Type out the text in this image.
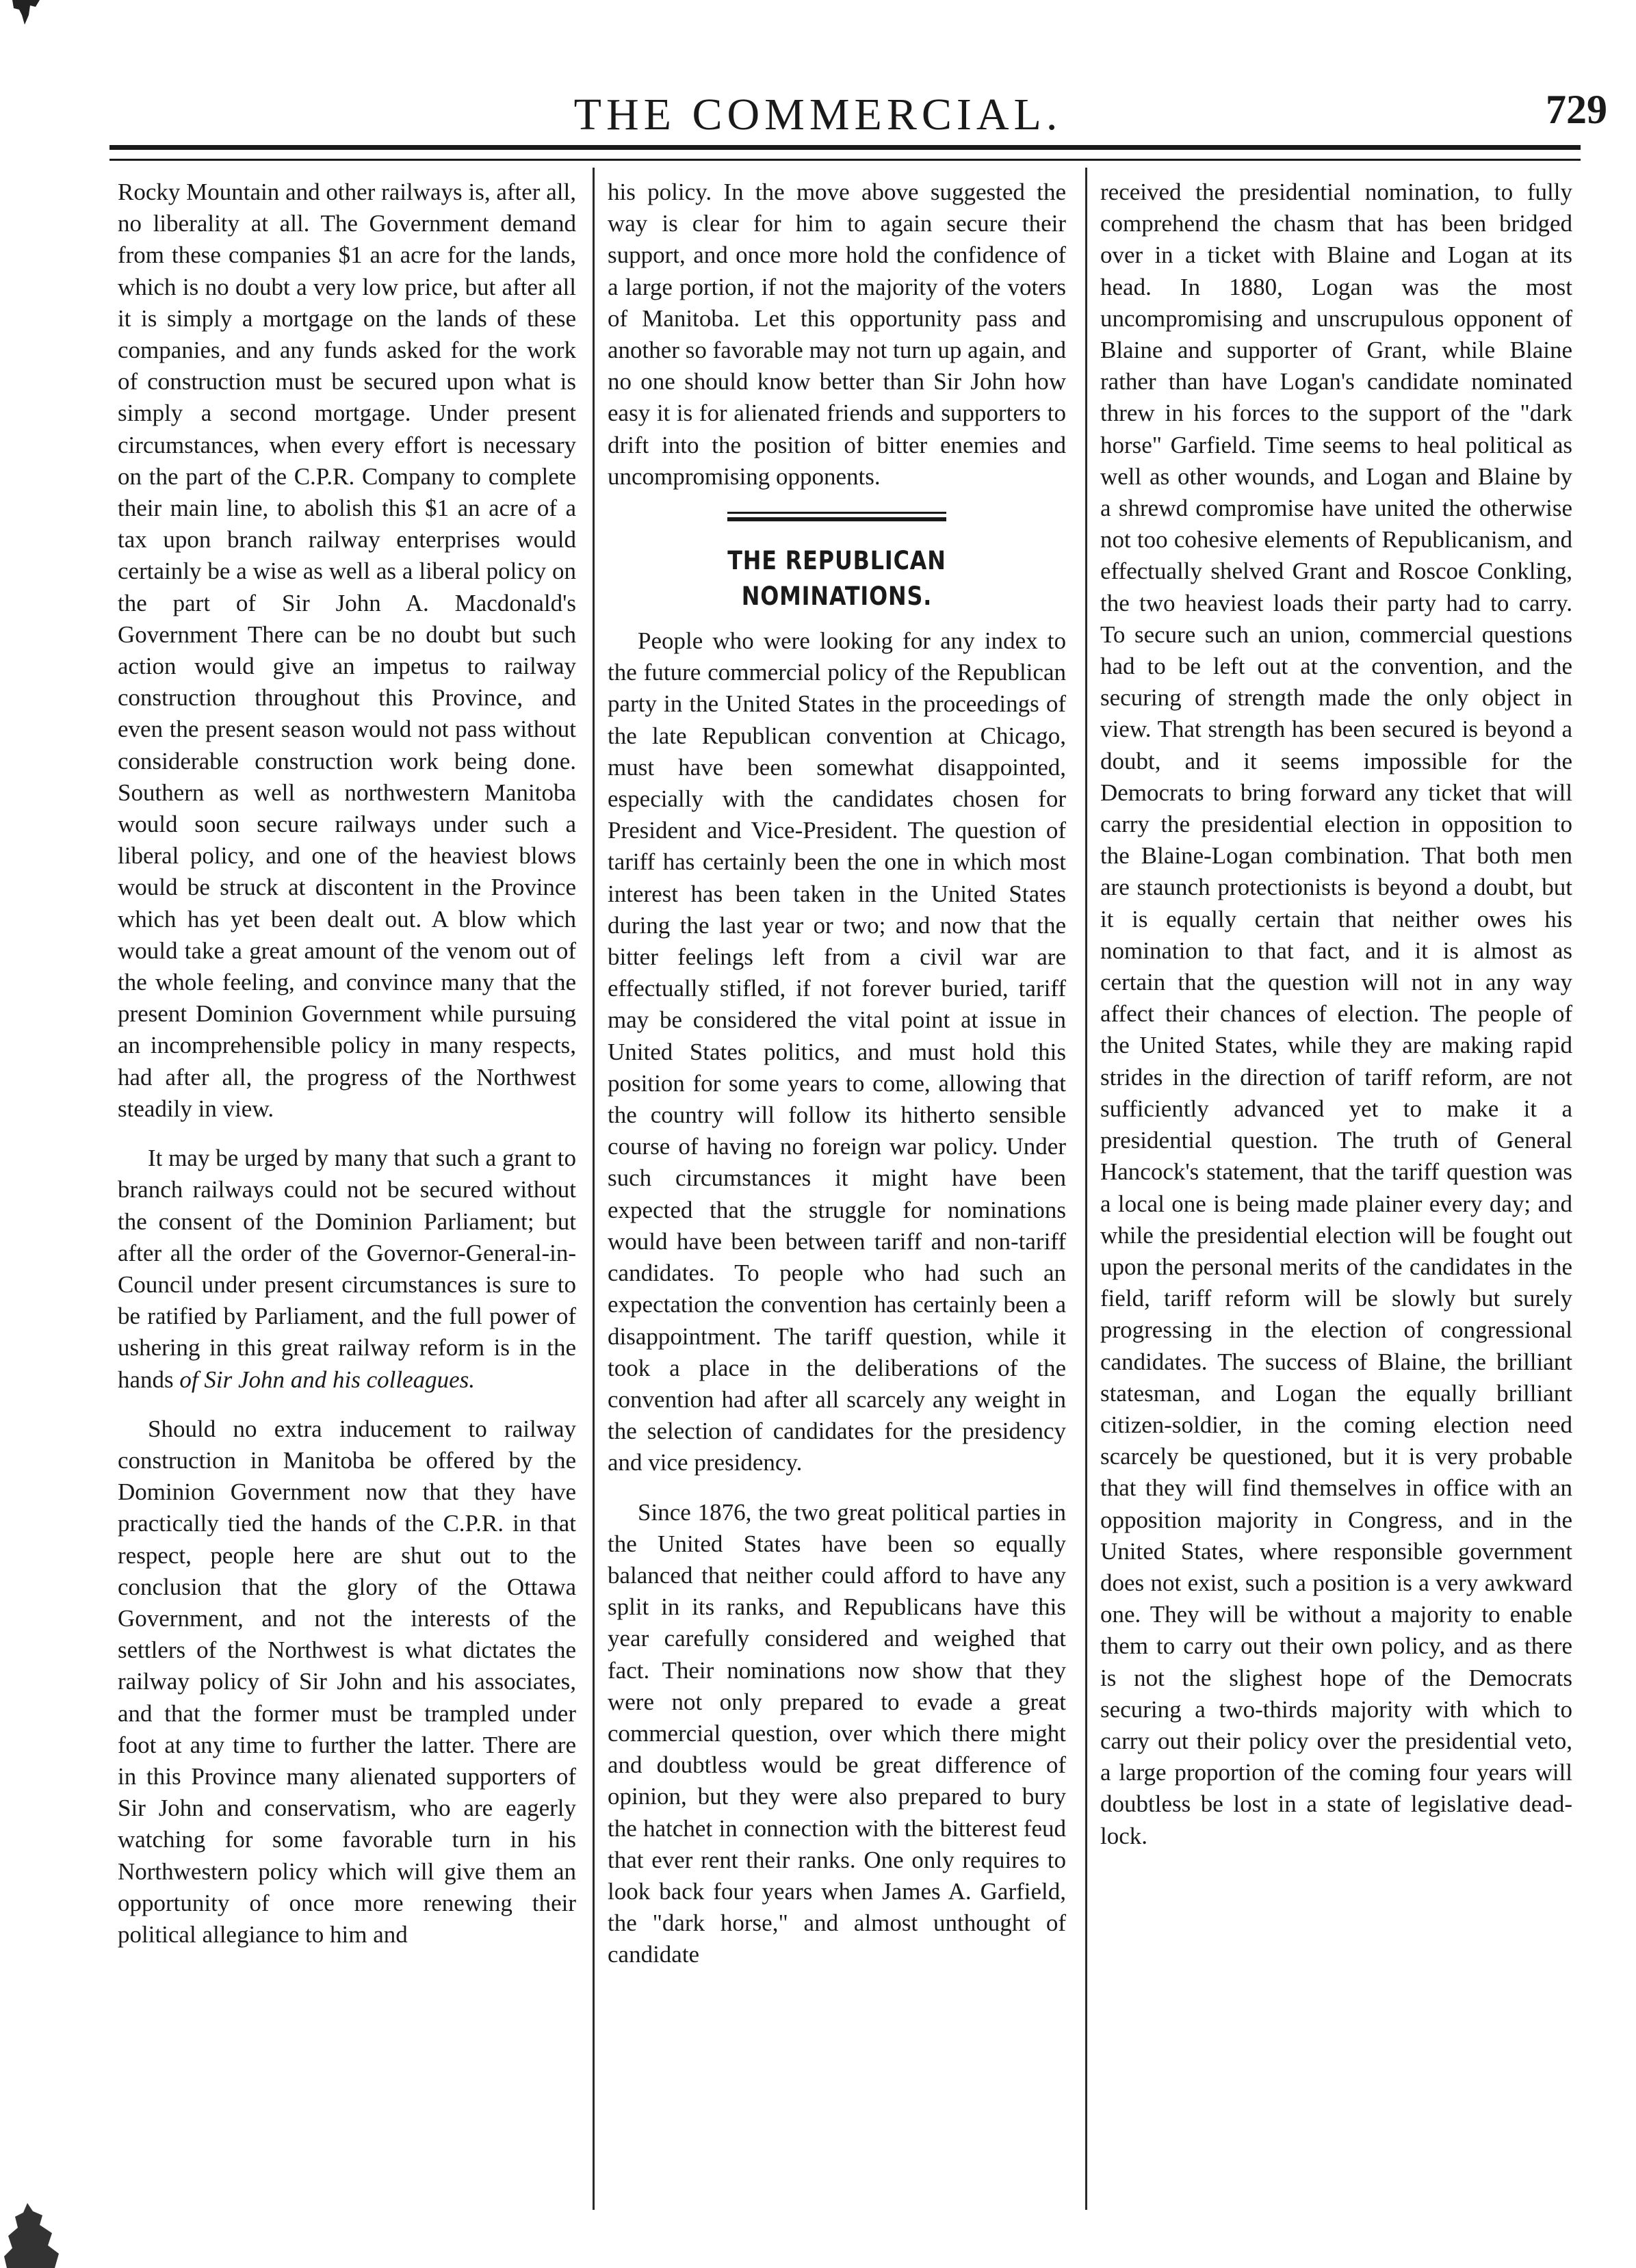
THE COMMERCIAL.	729

Rocky Mountain and other railways is, after all, no liberality at all. The Government demand from these companies $1 an acre for the lands, which is no doubt a very low price, but after all it is simply a mortgage on the lands of these companies, and any funds asked for the work of construction must be secured upon what is simply a second mortgage. Under present circumstances, when every effort is necessary on the part of the C.P.R. Company to complete their main line, to abolish this $1 an acre of a tax upon branch railway enterprises would certainly be a wise as well as a liberal policy on the part of Sir John A. Macdonald's Government There can be no doubt but such action would give an impetus to railway construction throughout this Province, and even the present season would not pass without considerable construction work being done. Southern as well as northwestern Manitoba would soon secure railways under such a liberal policy, and one of the heaviest blows would be struck at discontent in the Province which has yet been dealt out. A blow which would take a great amount of the venom out of the whole feeling, and convince many that the present Dominion Government while pursuing an incomprehensible policy in many respects, had after all, the progress of the Northwest steadily in view.

It may be urged by many that such a grant to branch railways could not be secured without the consent of the Dominion Parliament; but after all the order of the Governor-General-in-Council under present circumstances is sure to be ratified by Parliament, and the full power of ushering in this great railway reform is in the hands of Sir John and his colleagues.

Should no extra inducement to railway construction in Manitoba be offered by the Dominion Government now that they have practically tied the hands of the C.P.R. in that respect, people here are shut out to the conclusion that the glory of the Ottawa Government, and not the interests of the settlers of the Northwest is what dictates the railway policy of Sir John and his associates, and that the former must be trampled under foot at any time to further the latter. There are in this Province many alienated supporters of Sir John and conservatism, who are eagerly watching for some favorable turn in his Northwestern policy which will give them an opportunity of once more renewing their political allegiance to him and

his policy. In the move above suggested the way is clear for him to again secure their support, and once more hold the confidence of a large portion, if not the majority of the voters of Manitoba. Let this opportunity pass and another so favorable may not turn up again, and no one should know better than Sir John how easy it is for alienated friends and supporters to drift into the position of bitter enemies and uncompromising opponents.

THE REPUBLICAN NOMINATIONS.

People who were looking for any index to the future commercial policy of the Republican party in the United States in the proceedings of the late Republican convention at Chicago, must have been somewhat disappointed, especially with the candidates chosen for President and Vice-President. The question of tariff has certainly been the one in which most interest has been taken in the United States during the last year or two; and now that the bitter feelings left from a civil war are effectually stifled, if not forever buried, tariff may be considered the vital point at issue in United States politics, and must hold this position for some years to come, allowing that the country will follow its hitherto sensible course of having no foreign war policy. Under such circumstances it might have been expected that the struggle for nominations would have been between tariff and non-tariff candidates. To people who had such an expectation the convention has certainly been a disappointment. The tariff question, while it took a place in the deliberations of the convention had after all scarcely any weight in the selection of candidates for the presidency and vice presidency.

Since 1876, the two great political parties in the United States have been so equally balanced that neither could afford to have any split in its ranks, and Republicans have this year carefully considered and weighed that fact. Their nominations now show that they were not only prepared to evade a great commercial question, over which there might and doubtless would be great difference of opinion, but they were also prepared to bury the hatchet in connection with the bitterest feud that ever rent their ranks. One only requires to look back four years when James A. Garfield, the "dark horse," and almost unthought of candidate

received the presidential nomination, to fully comprehend the chasm that has been bridged over in a ticket with Blaine and Logan at its head. In 1880, Logan was the most uncompromising and unscrupulous opponent of Blaine and supporter of Grant, while Blaine rather than have Logan's candidate nominated threw in his forces to the support of the "dark horse" Garfield. Time seems to heal political as well as other wounds, and Logan and Blaine by a shrewd compromise have united the otherwise not too cohesive elements of Republicanism, and effectually shelved Grant and Roscoe Conkling, the two heaviest loads their party had to carry. To secure such an union, commercial questions had to be left out at the convention, and the securing of strength made the only object in view. That strength has been secured is beyond a doubt, and it seems impossible for the Democrats to bring forward any ticket that will carry the presidential election in opposition to the Blaine-Logan combination. That both men are staunch protectionists is beyond a doubt, but it is equally certain that neither owes his nomination to that fact, and it is almost as certain that the question will not in any way affect their chances of election. The people of the United States, while they are making rapid strides in the direction of tariff reform, are not sufficiently advanced yet to make it a presidential question. The truth of General Hancock's statement, that the tariff question was a local one is being made plainer every day; and while the presidential election will be fought out upon the personal merits of the candidates in the field, tariff reform will be slowly but surely progressing in the election of congressional candidates. The success of Blaine, the brilliant statesman, and Logan the equally brilliant citizen-soldier, in the coming election need scarcely be questioned, but it is very probable that they will find themselves in office with an opposition majority in Congress, and in the United States, where responsible government does not exist, such a position is a very awkward one. They will be without a majority to enable them to carry out their own policy, and as there is not the slighest hope of the Democrats securing a two-thirds majority with which to carry out their policy over the presidential veto, a large proportion of the coming four years will doubtless be lost in a state of legislative dead-lock.
